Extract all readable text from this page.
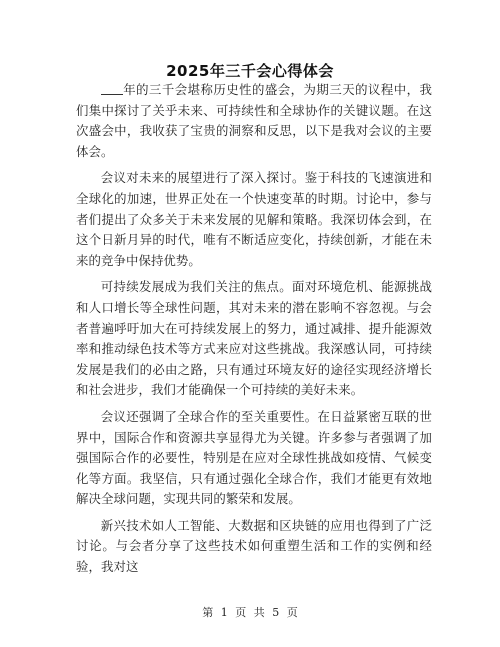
2025年三千会心得体会

年的三千会堪称历史性的盛会，为期三天的议程中，我们集中探讨了关乎未来、可持续性和全球协作的关键议题。在这次盛会中，我收获了宝贵的洞察和反思，以下是我对会议的主要体会。

会议对未来的展望进行了深入探讨。鉴于科技的飞速演进和全球化的加速，世界正处在一个快速变革的时期。讨论中，参与者们提出了众多关于未来发展的见解和策略。我深切体会到，在这个日新月异的时代，唯有不断适应变化，持续创新，才能在未来的竞争中保持优势。

可持续发展成为我们关注的焦点。面对环境危机、能源挑战和人口增长等全球性问题，其对未来的潜在影响不容忽视。与会者普遍呼吁加大在可持续发展上的努力，通过减排、提升能源效率和推动绿色技术等方式来应对这些挑战。我深感认同，可持续发展是我们的必由之路，只有通过环境友好的途径实现经济增长和社会进步，我们才能确保一个可持续的美好未来。

会议还强调了全球合作的至关重要性。在日益紧密互联的世界中，国际合作和资源共享显得尤为关键。许多参与者强调了加强国际合作的必要性，特别是在应对全球性挑战如疫情、气候变化等方面。我坚信，只有通过强化全球合作，我们才能更有效地解决全球问题，实现共同的繁荣和发展。

新兴技术如人工智能、大数据和区块链的应用也得到了广泛讨论。与会者分享了这些技术如何重塑生活和工作的实例和经验，我对这

第 1 页 共 5 页
